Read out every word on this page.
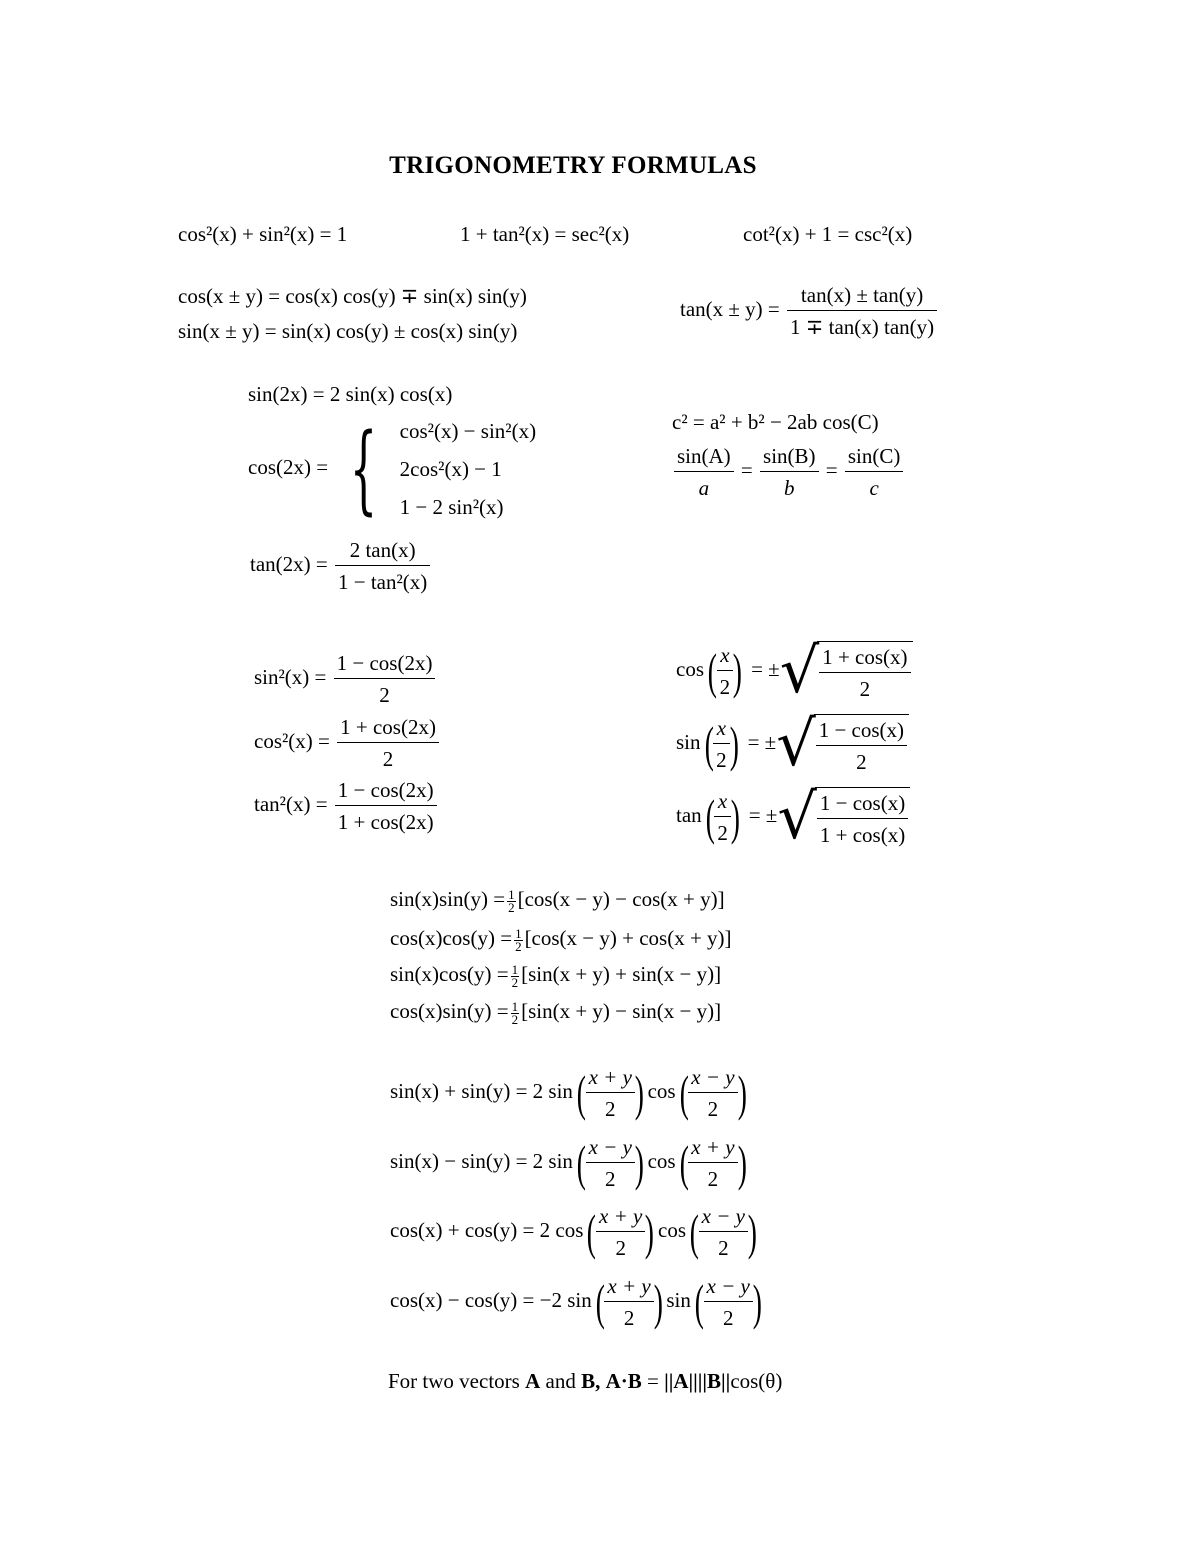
TRIGONOMETRY FORMULAS
cos²(x) + sin²(x) = 1	1 + tan²(x) = sec²(x)	cot²(x) + 1 = csc²(x)
cos(x ± y) = cos(x) cos(y) ∓ sin(x) sin(y)
sin(x ± y) = sin(x) cos(y) ± cos(x) sin(y)
$\tan(x \pm y) = \frac{\tan(x) \pm \tan(y)}{1 \mp \tan(x) \tan(y)}$
sin(2x) = 2 sin(x) cos(x)
cos(2x) = { cos²(x) − sin²(x)
2cos²(x) − 1
1 − 2 sin²(x)
$\tan(2x) = \frac{2 \tan(x)}{\text{1 − tan²(x)}}$
c² = a² + b² − 2ab cos(C)
$\frac{\sin(A)}{a} = \frac{\sin(B)}{b} = \frac{\sin(C)}{c}$
$\sin^2(x) = \frac{1 - \cos(2x)}{2}$
$\cos^2(x) = \frac{1 + \cos(2x)}{2}$
$\tan^2(x) = \frac{1 - \cos(2x)}{1 + \cos(2x)}$
$\cos( \frac{x}{2}$ ) = ±√ $\frac{1 + \cos(x)}{2}$
$\sin( \frac{x}{2}$ ) = ±√ $\frac{1 - \cos(x)}{2}$
$\tan( \frac{x}{2}$ ) = ±√ $\frac{1 - \cos(x)}{1 + \cos(x)}$
$\sin(x)\sin(y) = \frac{1}{2} [\cos(x - y) - \cos(x + y)]$
$\cos(x)\cos(y) = \frac{1}{2} [\cos(x - y) + \cos(x + y)]$
$\sin(x)\cos(y) = \frac{1}{2} [\sin(x + y) + \sin(x - y)]$
$\cos(x)\sin(y) = \frac{1}{2} [\sin(x + y) - \sin(x - y)]$
sin(x) + sin(y) = 2 $\sin( \frac{x + y}{2}$ ) $\cos( \frac{x - y}{2}$ )
sin(x) − sin(y) = 2 $\sin( \frac{x - y}{2}$ ) $\cos( \frac{x + y}{2}$ )
cos(x) + cos(y) = 2 $\cos( \frac{x + y}{2}$ ) $\cos( \frac{x - y}{2}$ )
cos(x) − cos(y) = −2 $\sin( \frac{x + y}{2}$ ) $\sin( \frac{x - y}{2}$ )
For two vectors A and B, A·B = ||A||||B||cos(θ)
